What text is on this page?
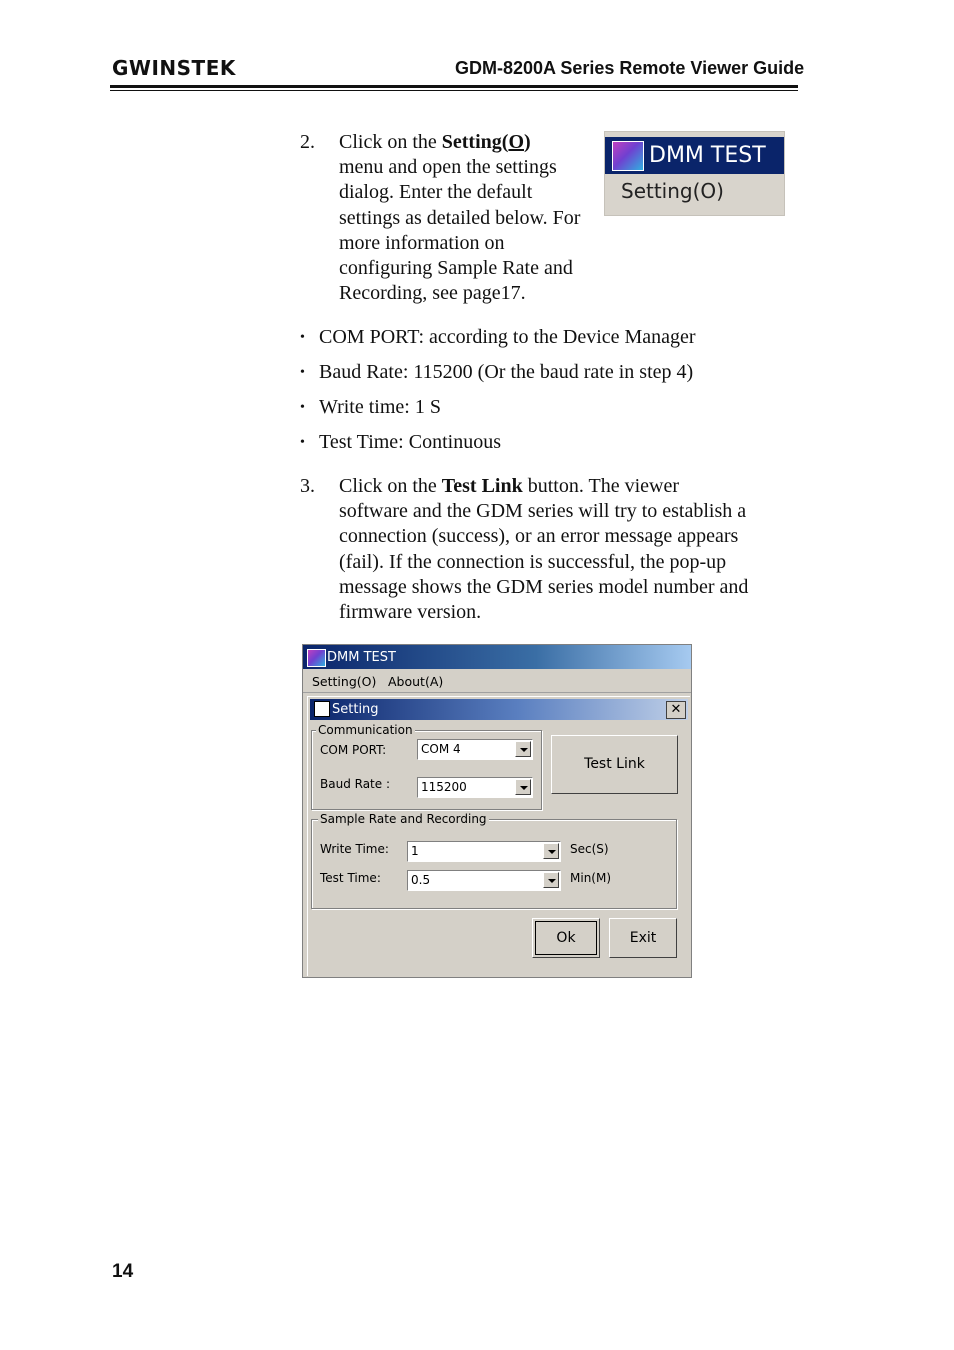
GWINSTEK	GDM-8200A Series Remote Viewer Guide
2. Click on the Setting(O)
menu and open the settings
dialog. Enter the default
settings as detailed below. For
more information on
configuring Sample Rate and
Recording, see page17.
DMM TEST
Setting(O)
• COM PORT: according to the Device Manager
• Baud Rate: 115200 (Or the baud rate in step 4)
• Write time: 1 S
• Test Time: Continuous
3. Click on the Test Link button. The viewer
software and the GDM series will try to establish a
connection (success), or an error message appears
(fail). If the connection is successful, the pop-up
message shows the GDM series model number and
firmware version.
DMM TEST
Setting(O) About(A)
Setting	✕
Communication
COM PORT:	COM 4
Baud Rate :	115200
Test Link
Sample Rate and Recording
Write Time: 1	Sec(S)
Test Time:	0.5	Min(M)
Ok	Exit
14
